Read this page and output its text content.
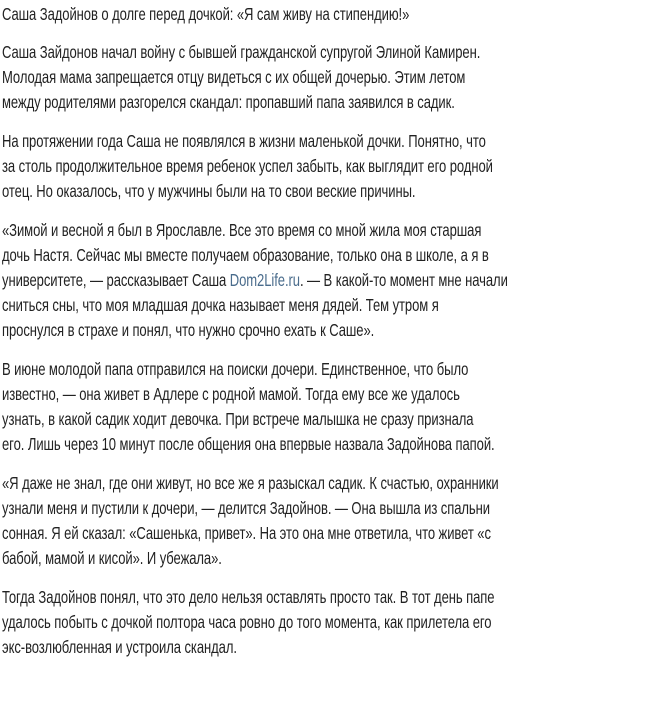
Саша Задойнов о долге перед дочкой: «Я сам живу на стипендию!»
Саша Зайдонов начал войну с бывшей гражданской супругой Элиной Камирен.
Молодая мама запрещается отцу видеться с их общей дочерью. Этим летом
между родителями разгорелся скандал: пропавший папа заявился в садик.
На протяжении года Саша не появлялся в жизни маленькой дочки. Понятно, что
за столь продолжительное время ребенок успел забыть, как выглядит его родной
отец. Но оказалось, что у мужчины были на то свои веские причины.
«Зимой и весной я был в Ярославле. Все это время со мной жила моя старшая
дочь Настя. Сейчас мы вместе получаем образование, только она в школе, а я в
университете, — рассказывает Саша Dom2Life.ru. — В какой-то момент мне начали
сниться сны, что моя младшая дочка называет меня дядей. Тем утром я
проснулся в страхе и понял, что нужно срочно ехать к Саше».
В июне молодой папа отправился на поиски дочери. Единственное, что было
известно, — она живет в Адлере с родной мамой. Тогда ему все же удалось
узнать, в какой садик ходит девочка. При встрече малышка не сразу признала
его. Лишь через 10 минут после общения она впервые назвала Задойнова папой.
«Я даже не знал, где они живут, но все же я разыскал садик. К счастью, охранники
узнали меня и пустили к дочери, — делится Задойнов. — Она вышла из спальни
сонная. Я ей сказал: «Сашенька, привет». На это она мне ответила, что живет «с
бабой, мамой и кисой». И убежала».
Тогда Задойнов понял, что это дело нельзя оставлять просто так. В тот день папе
удалось побыть с дочкой полтора часа ровно до того момента, как прилетела его
экс-возлюбленная и устроила скандал.
